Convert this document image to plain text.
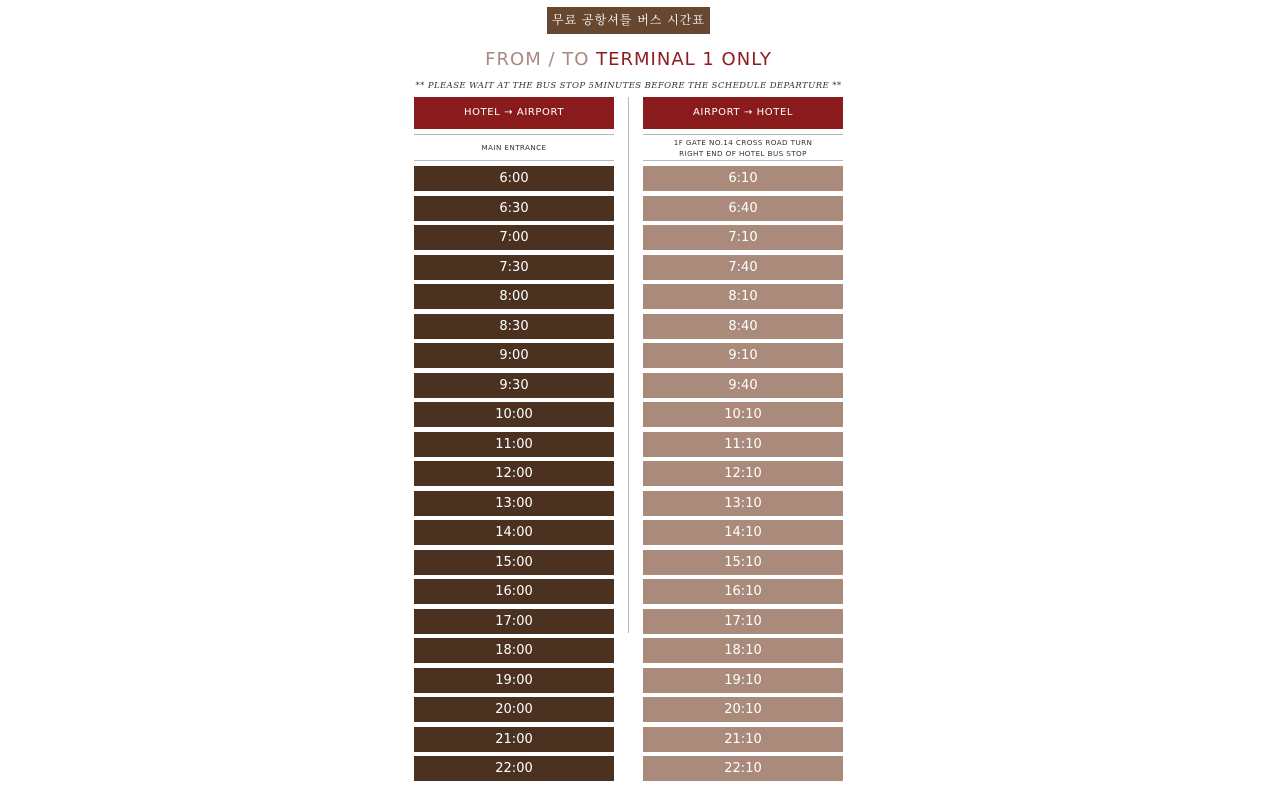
무료 공항셔틀 버스 시간표
FROM / TO TERMINAL 1 ONLY
** PLEASE WAIT AT THE BUS STOP 5MINUTES BEFORE THE SCHEDULE DEPARTURE **
HOTEL → AIRPORT	AIRPORT → HOTEL
MAIN ENTRANCE
1F GATE NO.14 CROSS ROAD TURN
RIGHT END OF HOTEL BUS STOP
6:00
6:30
7:00
7:30
8:00
8:30
9:00
9:30
10:00
11:00
12:00
13:00
14:00
15:00
16:00
17:00
18:00
19:00
20:00
21:00
22:00
6:10
6:40
7:10
7:40
8:10
8:40
9:10
9:40
10:10
11:10
12:10
13:10
14:10
15:10
16:10
17:10
18:10
19:10
20:10
21:10
22:10
